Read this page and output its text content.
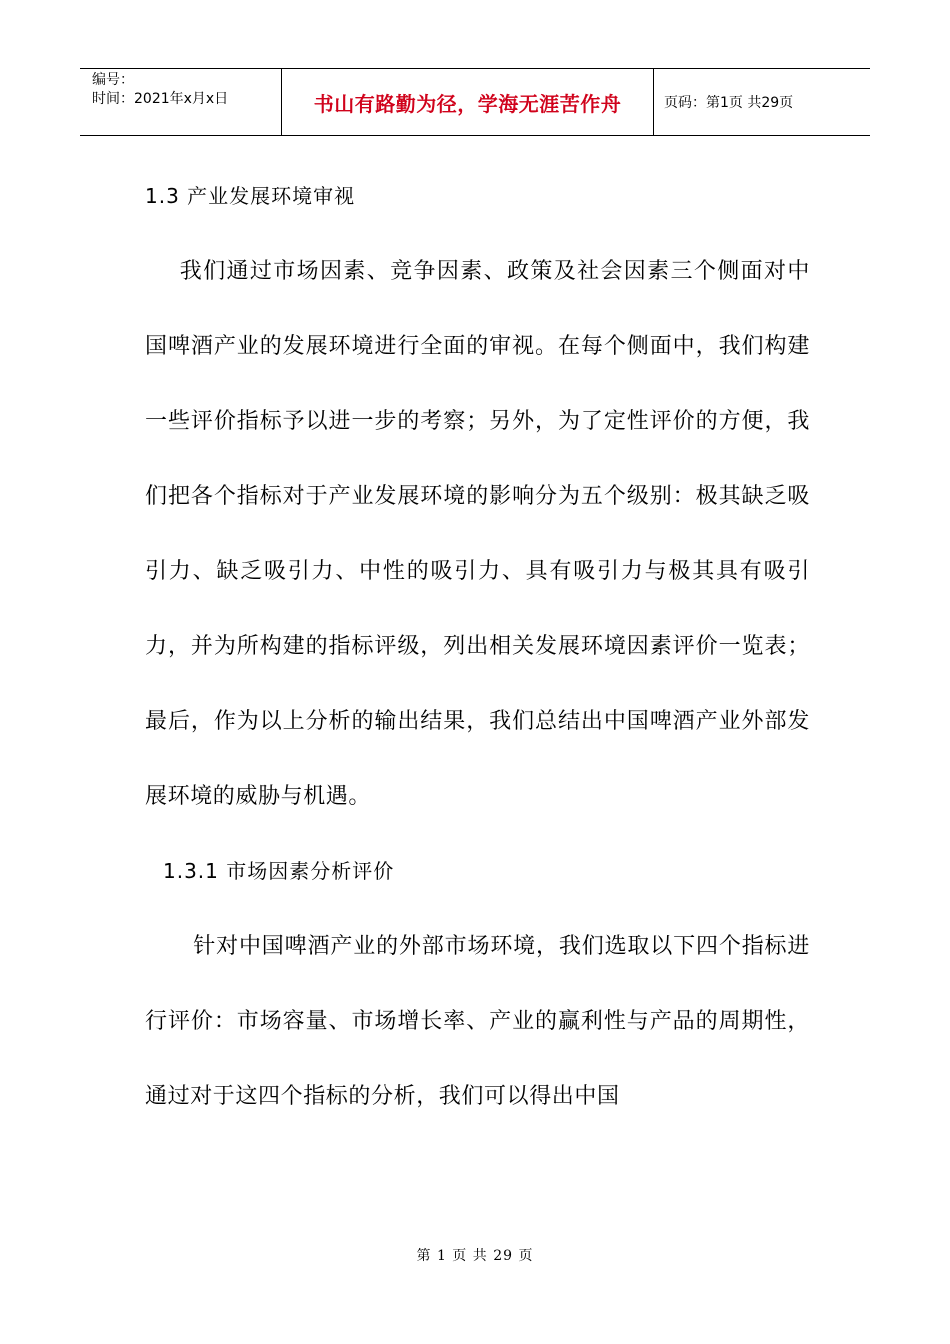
编号：
时间：2021年x月x日	书山有路勤为径，学海无涯苦作舟	页码：第1页 共29页
1.3 产业发展环境审视

我们通过市场因素、竞争因素、政策及社会因素三个侧面对中国啤酒产业的发展环境进行全面的审视。在每个侧面中，我们构建一些评价指标予以进一步的考察；另外，为了定性评价的方便，我们把各个指标对于产业发展环境的影响分为五个级别：极其缺乏吸引力、缺乏吸引力、中性的吸引力、具有吸引力与极其具有吸引力，并为所构建的指标评级，列出相关发展环境因素评价一览表；最后，作为以上分析的输出结果，我们总结出中国啤酒产业外部发展环境的威胁与机遇。

1.3.1 市场因素分析评价

针对中国啤酒产业的外部市场环境，我们选取以下四个指标进行评价：市场容量、市场增长率、产业的赢利性与产品的周期性，通过对于这四个指标的分析，我们可以得出中国

第 1 页 共 29 页
